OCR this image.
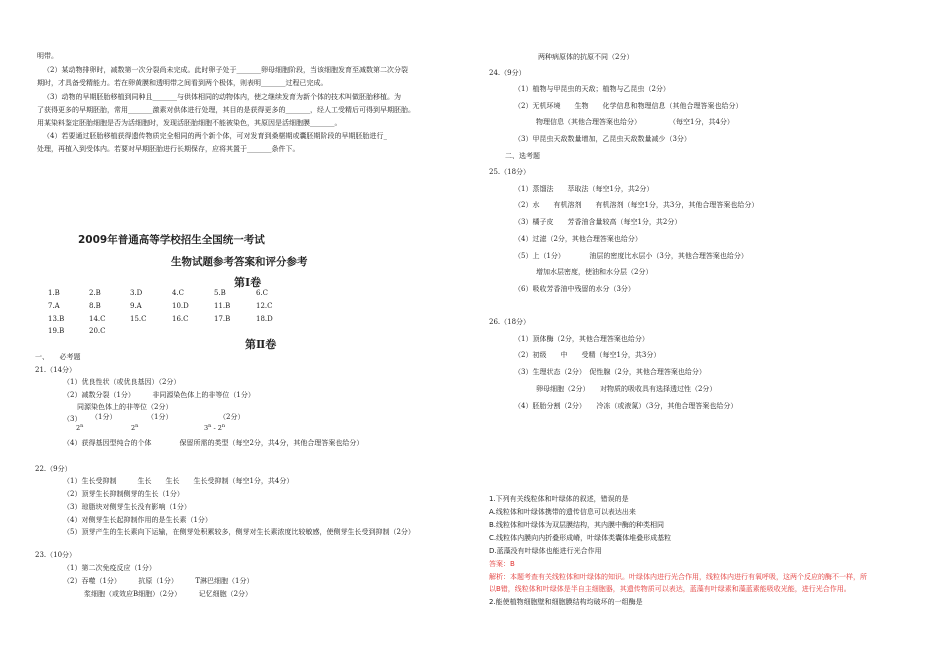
明带。
（2）某动物排卵时，减数第一次分裂尚未完成。此时卵子处于_______卵母细胞阶段，当该细胞发育至减数第二次分裂
期时，才具备受精能力。若在卵黄膜和透明带之间看到两个极体，则表明_______过程已完成。
（3）动物的早期胚胎移植到同种且_______与供体相同的动物体内，使之继续发育为新个体的技术叫做胚胎移植。为
了获得更多的早期胚胎，常用_______激素对供体进行处理，其目的是获得更多的_______，经人工受精后可得到早期胚胎。
用某染料鉴定胚胎细胞是否为活细胞时，发现活胚胎细胞不能被染色，其原因是活细胞膜_______。
（4）若要通过胚胎移植获得遗传物质完全相同的两个新个体，可对发育到桑椹期或囊胚期阶段的早期胚胎进行_
处理，再植入到受体内。若要对早期胚胎进行长期保存，应将其置于_______条件下。
2009年普通高等学校招生全国统一考试
生物试题参考答案和评分参考
第Ⅰ卷
1.B	2.B	3.D	4.C	5.B	6.C
7.A	8.B	9.A	10.D	11.B	12.C
13.B	14.C	15.C	16.C	17.B	18.D
19.B	20.C
第Ⅱ卷
一、　　必考题
21.（14分）
（1）优良性状（或优良基因）（2分）
（2）减数分裂（1分）　　　非同源染色体上的非等位（1分）
同源染色体上的非等位（2分）
（3） （1分）	（1分）	（2分）
2$^n$	2$^n$	3$^n$ - 2$^n$
（4）获得基因型纯合的个体　　　　保留所需的类型（每空2分，共4分，其他合理答案也给分）
22.（9分）
（1）生长受抑制　　　生长　　生长　　生长受抑制（每空1分，共4分）
（2）顶芽生长抑制侧芽的生长（1分）
（3）琼脂块对侧芽生长没有影响（1分）
（4）对侧芽生长起抑制作用的是生长素（1分）
（5）顶芽产生的生长素向下运输，在侧芽处积累较多，侧芽对生长素浓度比较敏感，使侧芽生长受到抑制（2分）
23.（10分）
（1）第二次免疫反应（1分）
（2）吞噬（1分）　　　抗原（1分）　　　T淋巴细胞（1分）
浆细胞（或效应B细胞）（2分）　　　记忆细胞（2分）
两种病原体的抗原不同（2分）
24.（9分）
（1）植物与甲昆虫的天敌；植物与乙昆虫（2分）
（2）无机环境　　生物　　化学信息和物理信息（其他合理答案也给分）
物理信息（其他合理答案也给分）　　　　　（每空1分，共4分）
（3）甲昆虫天敌数量增加，乙昆虫天敌数量减少（3分）
二、选考题
25.（18分）
（1）蒸馏法　　萃取法（每空1分，共2分）
（2）水　　有机溶剂　　有机溶剂（每空1分，共3分，其他合理答案也给分）
（3）橘子皮　　芳香油含量较高（每空1分，共2分）
（4）过滤（2分，其他合理答案也给分）
（5）上（1分）　　　　油层的密度比水层小（3分，其他合理答案也给分）
增加水层密度，使油和水分层（2分）
（6）吸收芳香油中残留的水分（3分）
26.（18分）
（1）顶体酶（2分，其他合理答案也给分）
（2）初级　　中　　受精（每空1分，共3分）
（3）生理状态（2分）　促性腺（2分，其他合理答案也给分）
卵母细胞（2分）　　对物质的吸收具有选择透过性（2分）
（4）胚胎分割（2分）　　冷冻（或液氮）（3分，其他合理答案也给分）
1.下列有关线粒体和叶绿体的叙述，错误的是
A.线粒体和叶绿体携带的遗传信息可以表达出来
B.线粒体和叶绿体为双层膜结构，其内膜中酶的种类相同
C.线粒体内膜向内折叠形成嵴，叶绿体类囊体堆叠形成基粒
D.蓝藻没有叶绿体也能进行光合作用
答案：B
解析：本题考查有关线粒体和叶绿体的知识。叶绿体内进行光合作用，线粒体内进行有氧呼吸，这两个反应的酶不一样，所
以B错，线粒体和叶绿体是半自主细胞器，其遗传物质可以表达，蓝藻有叶绿素和藻蓝素能吸收光能，进行光合作用。
2.能使植物细胞壁和细胞膜结构均破坏的一组酶是
